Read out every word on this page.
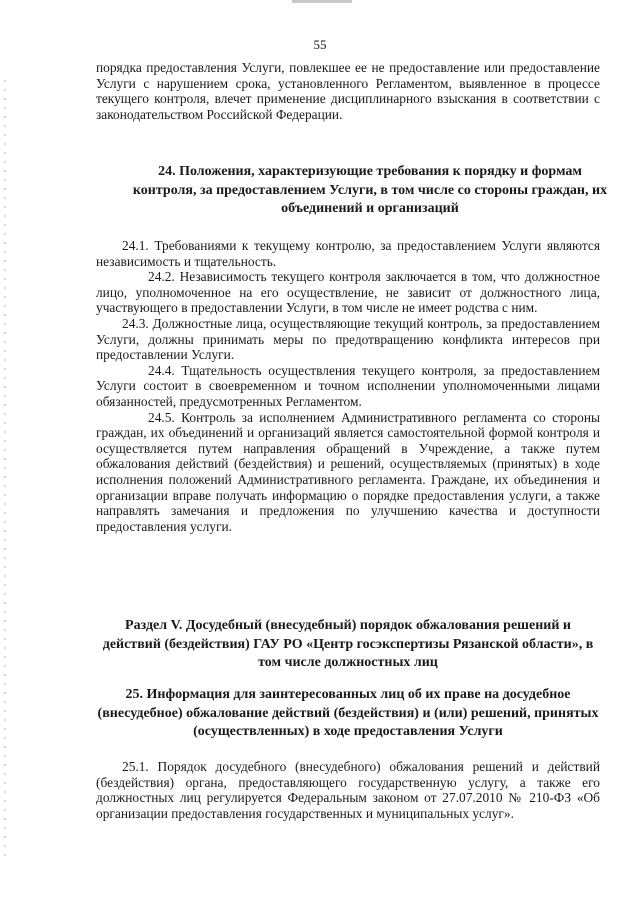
55

порядка предоставления Услуги, повлекшее ее не предоставление или предоставление Услуги с нарушением срока, установленного Регламентом, выявленное в процессе текущего контроля, влечет применение дисциплинарного взыскания в соответствии с законодательством Российской Федерации.

24. Положения, характеризующие требования к порядку и формам контроля, за предоставлением Услуги, в том числе со стороны граждан, их объединений и организаций

24.1. Требованиями к текущему контролю, за предоставлением Услуги являются независимость и тщательность.

24.2. Независимость текущего контроля заключается в том, что должностное лицо, уполномоченное на его осуществление, не зависит от должностного лица, участвующего в предоставлении Услуги, в том числе не имеет родства с ним.

24.3. Должностные лица, осуществляющие текущий контроль, за предоставлением Услуги, должны принимать меры по предотвращению конфликта интересов при предоставлении Услуги.

24.4. Тщательность осуществления текущего контроля, за предоставлением Услуги состоит в своевременном и точном исполнении уполномоченными лицами обязанностей, предусмотренных Регламентом.

24.5. Контроль за исполнением Административного регламента со стороны граждан, их объединений и организаций является самостоятельной формой контроля и осуществляется путем направления обращений в Учреждение, а также путем обжалования действий (бездействия) и решений, осуществляемых (принятых) в ходе исполнения положений Административного регламента. Граждане, их объединения и организации вправе получать информацию о порядке предоставления услуги, а также направлять замечания и предложения по улучшению качества и доступности предоставления услуги.

Раздел V. Досудебный (внесудебный) порядок обжалования решений и действий (бездействия) ГАУ РО «Центр госэкспертизы Рязанской области», в том числе должностных лиц
25. Информация для заинтересованных лиц об их праве на досудебное (внесудебное) обжалование действий (бездействия) и (или) решений, принятых (осуществленных) в ходе предоставления Услуги

25.1. Порядок досудебного (внесудебного) обжалования решений и действий (бездействия) органа, предоставляющего государственную услугу, а также его должностных лиц регулируется Федеральным законом от 27.07.2010 № 210-ФЗ «Об организации предоставления государственных и муниципальных услуг».
